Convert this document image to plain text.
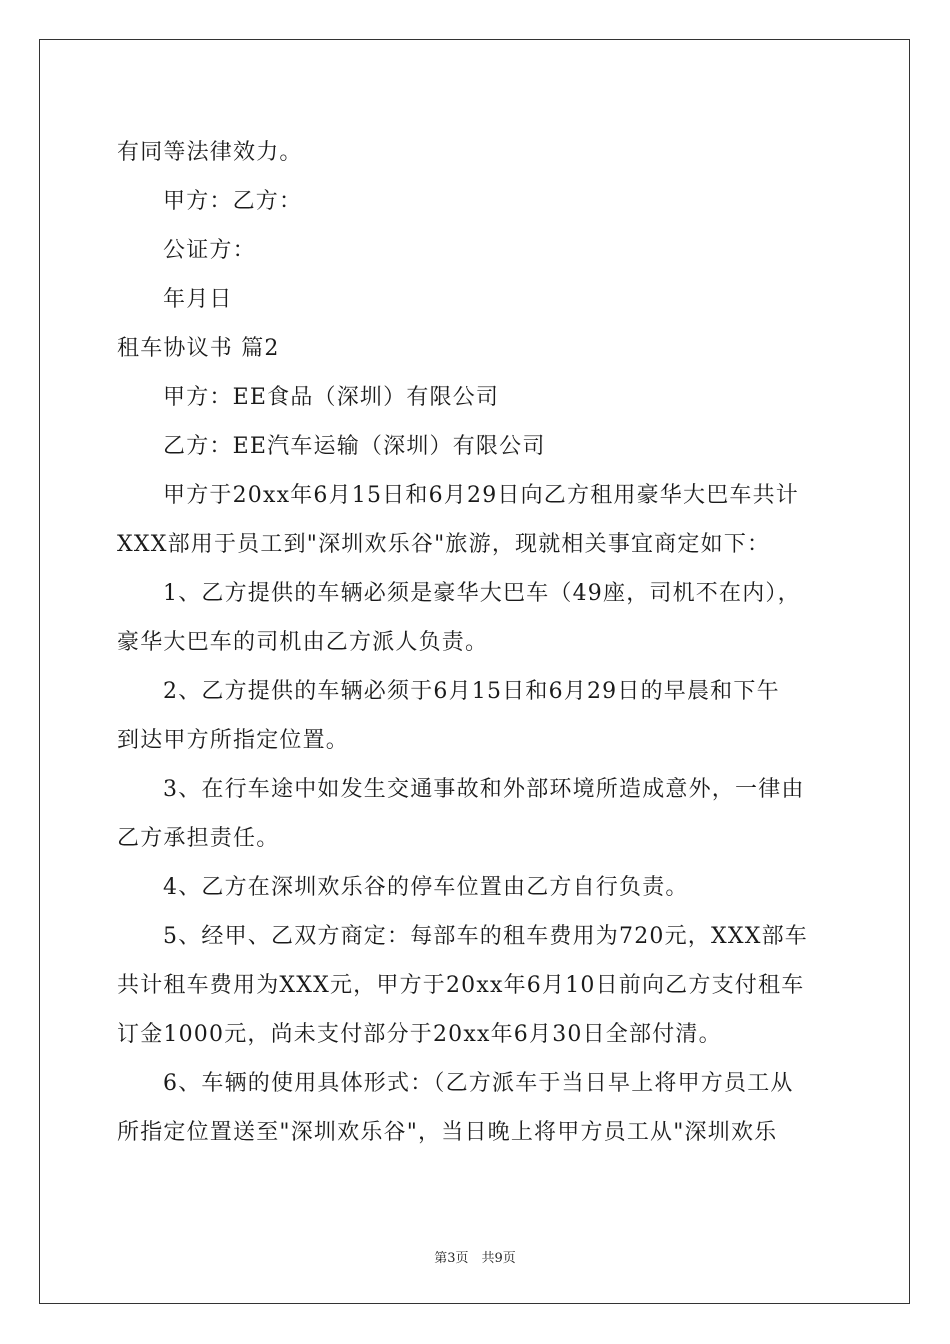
有同等法律效力。
甲方：乙方：
公证方：
年月日
租车协议书 篇2
甲方：EE食品（深圳）有限公司
乙方：EE汽车运输（深圳）有限公司
甲方于20xx年6月15日和6月29日向乙方租用豪华大巴车共计
XXX部用于员工到"深圳欢乐谷"旅游，现就相关事宜商定如下：
1、乙方提供的车辆必须是豪华大巴车（49座，司机不在内），
豪华大巴车的司机由乙方派人负责。
2、乙方提供的车辆必须于6月15日和6月29日的早晨和下午
到达甲方所指定位置。
3、在行车途中如发生交通事故和外部环境所造成意外，一律由
乙方承担责任。
4、乙方在深圳欢乐谷的停车位置由乙方自行负责。
5、经甲、乙双方商定：每部车的租车费用为720元，XXX部车
共计租车费用为XXX元，甲方于20xx年6月10日前向乙方支付租车
订金1000元，尚未支付部分于20xx年6月30日全部付清。
6、车辆的使用具体形式：（乙方派车于当日早上将甲方员工从
所指定位置送至"深圳欢乐谷"，当日晚上将甲方员工从"深圳欢乐
第3页　共9页
